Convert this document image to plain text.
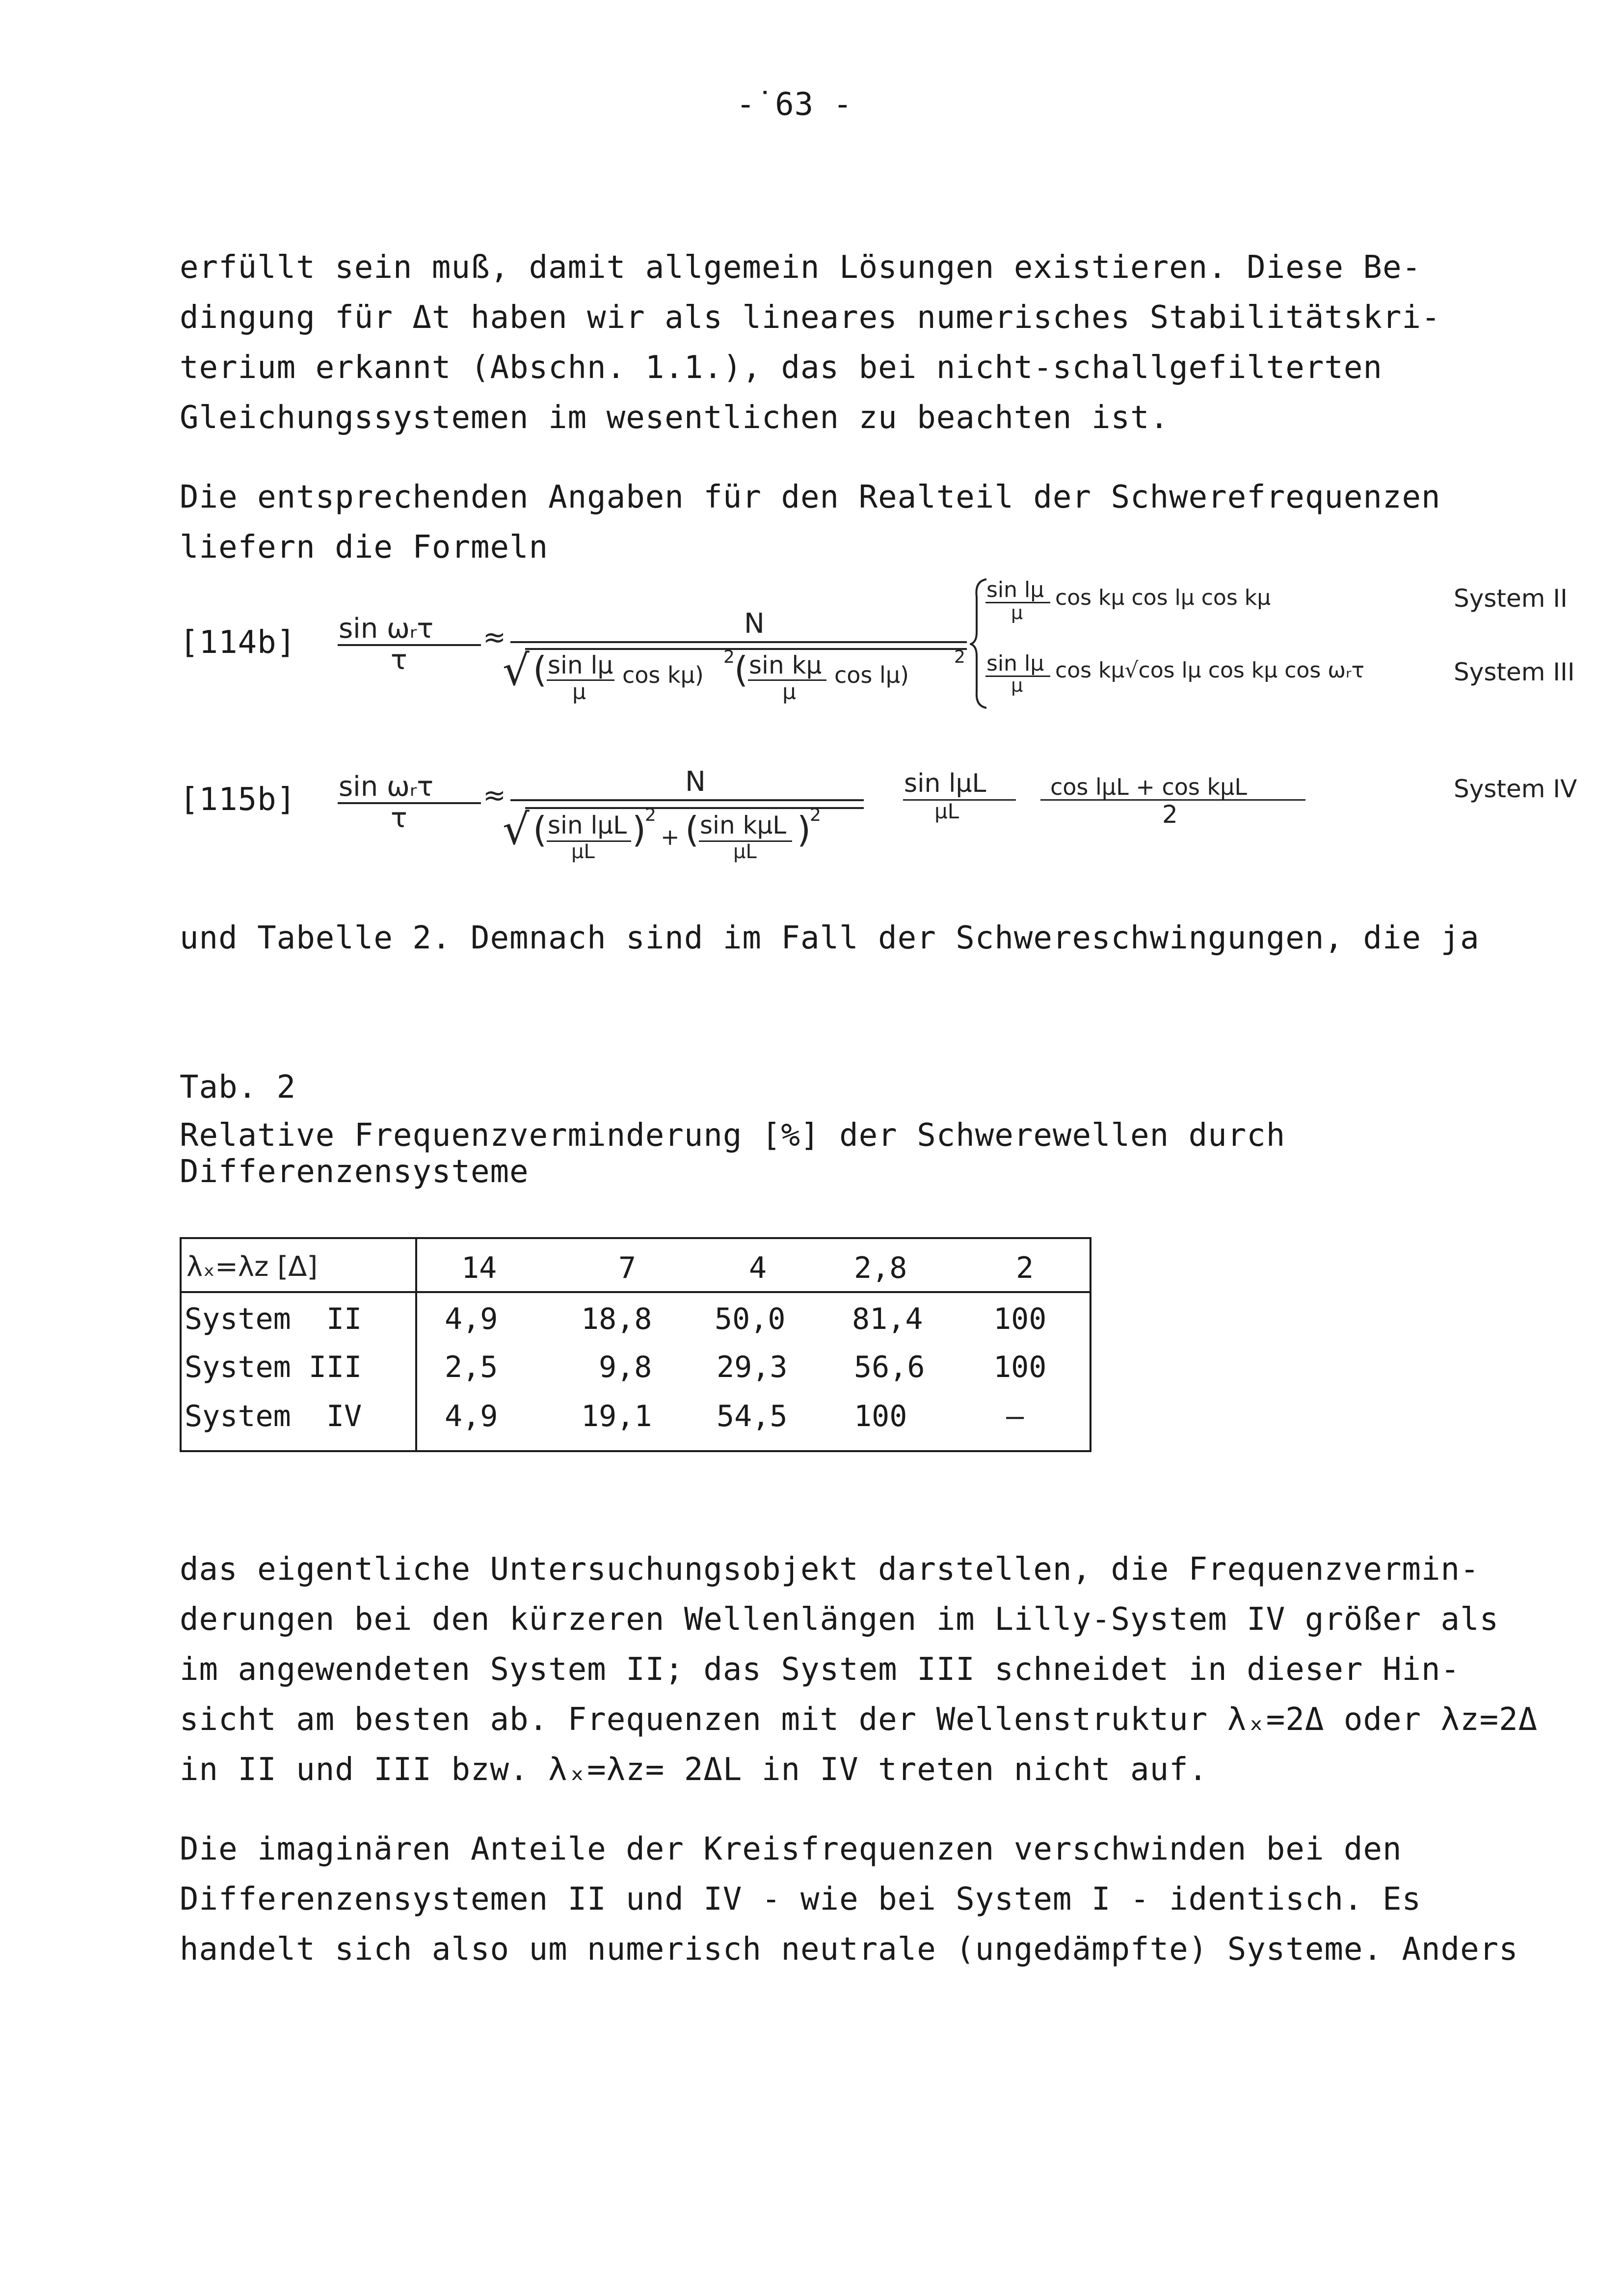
-˙63 -
erfüllt sein muß, damit allgemein Lösungen existieren. Diese Be-
dingung für Δt haben wir als lineares numerisches Stabilitätskri-
terium erkannt (Abschn. 1.1.), das bei nicht-schallgefilterten
Gleichungssystemen im wesentlichen zu beachten ist.
Die entsprechenden Angaben für den Realteil der Schwerefrequenzen
liefern die Formeln
[114b] sin ωᵣτ
τ
≈	N
√ ( sin lμ
μ
cos kμ)
2 ( sin kμ
μ
cos lμ)
2
sin lμ
μ
cos kμ cos lμ cos kμ	System II
sin lμ
μ
cos kμ√cos lμ cos kμ cos ωᵣτ	System III
[115b] sin ωᵣτ
τ
≈	N
√ ( sin lμL
μL
)
2
+ ( sin kμL
μL
)
2
sin lμL
μL
cos lμL + cos kμL
2
System IV
und Tabelle 2. Demnach sind im Fall der Schwereschwingungen, die ja
Tab. 2
Relative Frequenzverminderung [%] der Schwerewellen durch
Differenzensysteme
λₓ=λz [Δ]	14	7	4	2,8	2
System  II	4,9	18,8 50,0 81,4 100
System III	2,5	9,8 29,3 56,6 100
System  IV	4,9	19,1 54,5 100	—
das eigentliche Untersuchungsobjekt darstellen, die Frequenzvermin-
derungen bei den kürzeren Wellenlängen im Lilly-System IV größer als
im angewendeten System II; das System III schneidet in dieser Hin-
sicht am besten ab. Frequenzen mit der Wellenstruktur λₓ=2Δ oder λz=2Δ
in II und III bzw. λₓ=λz= 2ΔL in IV treten nicht auf.
Die imaginären Anteile der Kreisfrequenzen verschwinden bei den
Differenzensystemen II und IV - wie bei System I - identisch. Es
handelt sich also um numerisch neutrale (ungedämpfte) Systeme. Anders
